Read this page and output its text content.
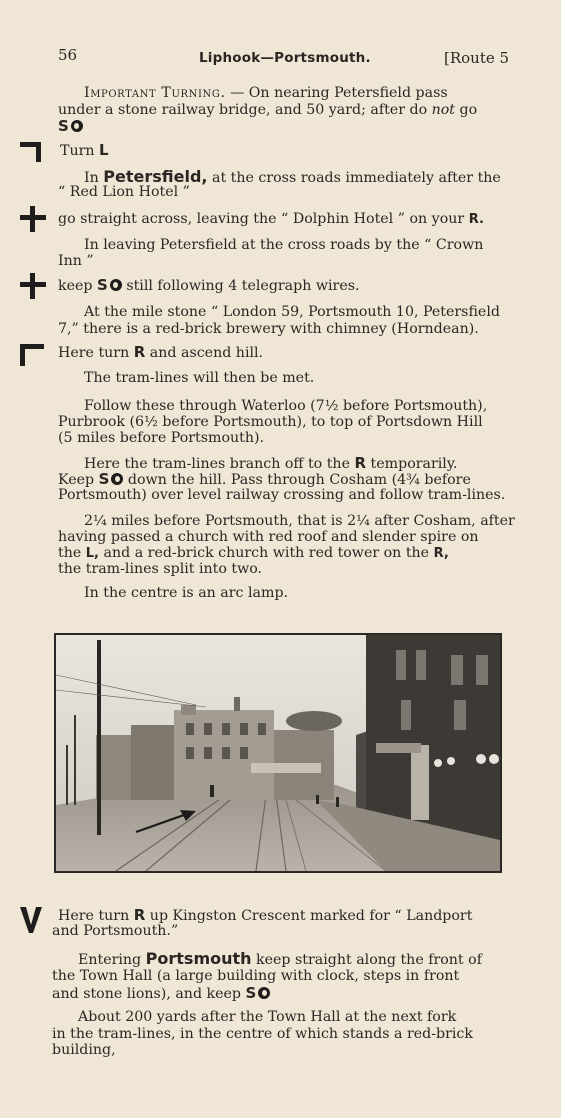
56	Liphook—Portsmouth.	[Route 5
Important Turning. — On nearing Petersfield pass
under a stone railway bridge, and 50 yard; after do not go
S
Turn L
In Petersfield, at the cross roads immediately after the
“ Red Lion Hotel ”
go straight across, leaving the “ Dolphin Hotel ” on your R.
In leaving Petersfield at the cross roads by the “ Crown
Inn ”
keep S still following 4 telegraph wires.
At the mile stone “ London 59, Portsmouth 10, Petersfield
7,” there is a red-brick brewery with chimney (Horndean).
Here turn R and ascend hill.
The tram-lines will then be met.
Follow these through Waterloo (7½ before Portsmouth),
Purbrook (6½ before Portsmouth), to top of Portsdown Hill
(5 miles before Portsmouth).
Here the tram-lines branch off to the R temporarily.
Keep S down the hill. Pass through Cosham (4¾ before
Portsmouth) over level railway crossing and follow tram-lines.
2¼ miles before Portsmouth, that is 2¼ after Cosham, after
having passed a church with red roof and slender spire on
the L, and a red-brick church with red tower on the R,
the tram-lines split into two.
In the centre is an arc lamp.
Here turn R up Kingston Crescent marked for “ Landport
and Portsmouth.”
Entering Portsmouth keep straight along the front of
the Town Hall (a large building with clock, steps in front
and stone lions), and keep S
About 200 yards after the Town Hall at the next fork
in the tram-lines, in the centre of which stands a red-brick
building,
